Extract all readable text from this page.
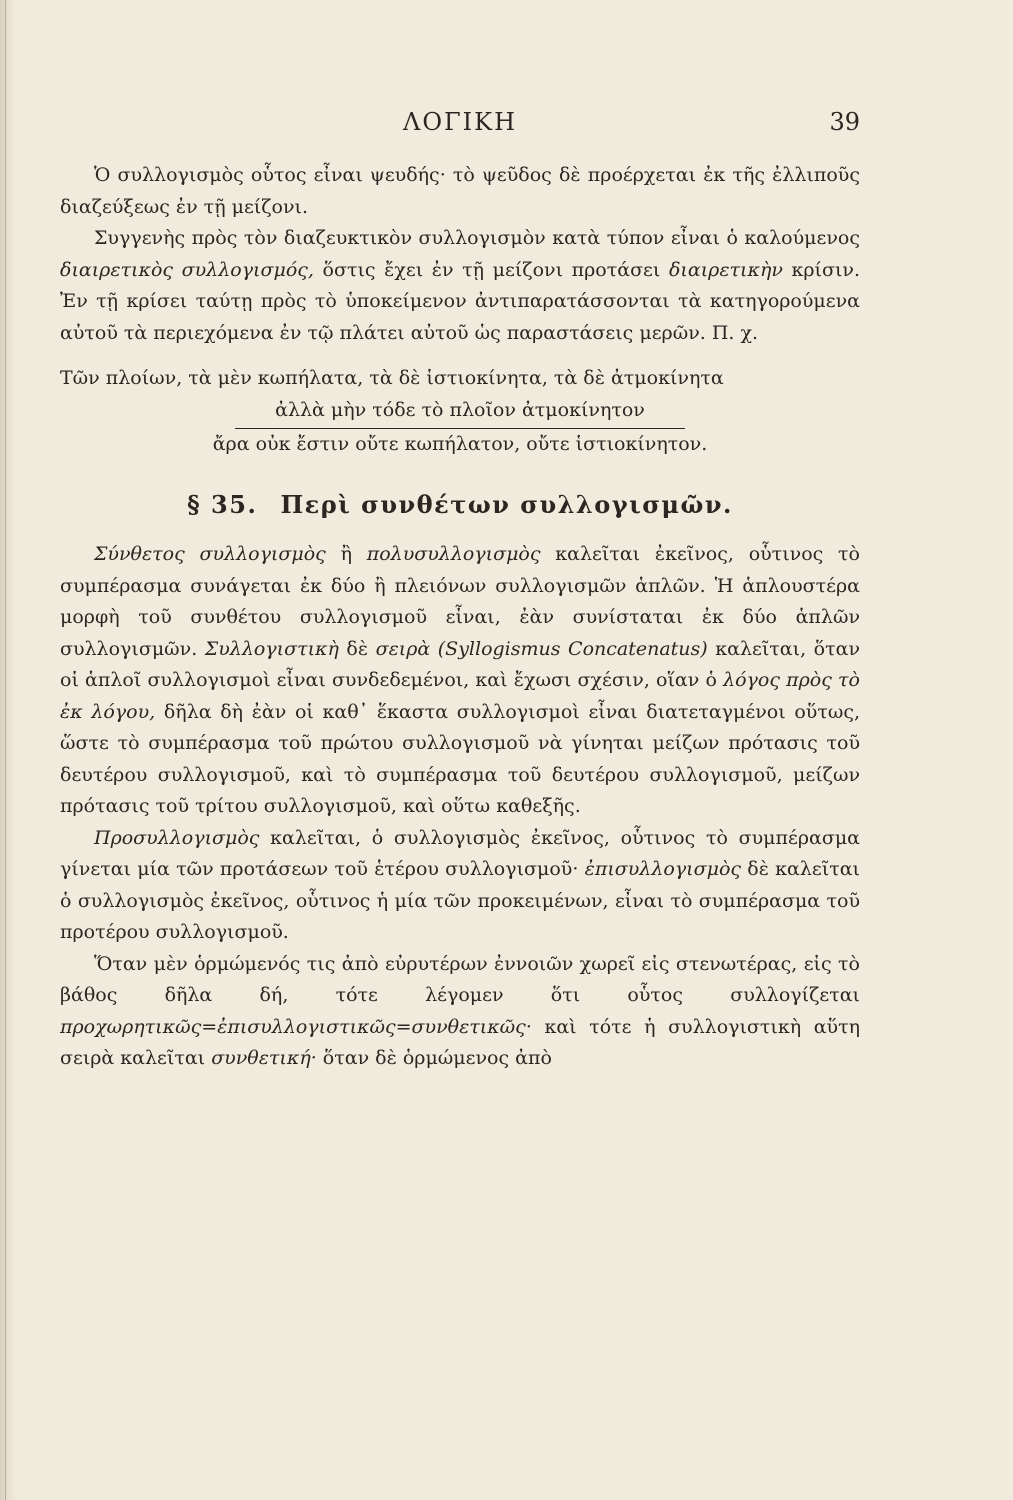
ΛΟΓΙΚΗ	39

Ὁ συλλογισμὸς οὗτος εἶναι ψευδής· τὸ ψεῦδος δὲ προέρχεται ἐκ τῆς ἐλλιποῦς διαζεύξεως ἐν τῇ μείζονι.

Συγγενὴς πρὸς τὸν διαζευκτικὸν συλλογισμὸν κατὰ τύπον εἶναι ὁ καλούμενος διαιρετικὸς συλλογισμός, ὅστις ἔχει ἐν τῇ μείζονι προτάσει διαιρετικὴν κρίσιν. Ἐν τῇ κρίσει ταύτῃ πρὸς τὸ ὑποκείμενον ἀντιπαρατάσσονται τὰ κατηγορούμενα αὐτοῦ τὰ περιεχόμενα ἐν τῷ πλάτει αὐτοῦ ὡς παραστάσεις μερῶν. Π. χ.

Τῶν πλοίων, τὰ μὲν κωπήλατα, τὰ δὲ ἱστιοκίνητα, τὰ δὲ ἀτμοκίνητα
ἀλλὰ μὴν τόδε τὸ πλοῖον ἀτμοκίνητον
ἄρα οὐκ ἔστιν οὔτε κωπήλατον, οὔτε ἱστιοκίνητον.
§ 35. Περὶ συνθέτων συλλογισμῶν.

Σύνθετος συλλογισμὸς ἢ πολυσυλλογισμὸς καλεῖται ἐκεῖνος, οὗτινος τὸ συμπέρασμα συνάγεται ἐκ δύο ἢ πλειόνων συλλογισμῶν ἁπλῶν. Ἡ ἁπλουστέρα μορφὴ τοῦ συνθέτου συλλογισμοῦ εἶναι, ἐὰν συνίσταται ἐκ δύο ἁπλῶν συλλογισμῶν. Συλλογιστικὴ δὲ σειρὰ (Syllogismus Concatenatus) καλεῖται, ὅταν οἱ ἁπλοῖ συλλογισμοὶ εἶναι συνδεδεμένοι, καὶ ἔχωσι σχέσιν, οἵαν ὁ λόγος πρὸς τὸ ἐκ λόγου, δῆλα δὴ ἐὰν οἱ καθ᾽ ἕκαστα συλλογισμοὶ εἶναι διατεταγμένοι οὕτως, ὥστε τὸ συμπέρασμα τοῦ πρώτου συλλογισμοῦ νὰ γίνηται μείζων πρότασις τοῦ δευτέρου συλλογισμοῦ, καὶ τὸ συμπέρασμα τοῦ δευτέρου συλλογισμοῦ, μείζων πρότασις τοῦ τρίτου συλλογισμοῦ, καὶ οὕτω καθεξῆς.

Προσυλλογισμὸς καλεῖται, ὁ συλλογισμὸς ἐκεῖνος, οὗτινος τὸ συμπέρασμα γίνεται μία τῶν προτάσεων τοῦ ἑτέρου συλλογισμοῦ· ἐπισυλλογισμὸς δὲ καλεῖται ὁ συλλογισμὸς ἐκεῖνος, οὗτινος ἡ μία τῶν προκειμένων, εἶναι τὸ συμπέρασμα τοῦ προτέρου συλλογισμοῦ.

Ὅταν μὲν ὁρμώμενός τις ἀπὸ εὐρυτέρων ἐννοιῶν χωρεῖ εἰς στενωτέρας, εἰς τὸ βάθος δῆλα δή, τότε λέγομεν ὅτι οὗτος συλλογίζεται προχωρητικῶς=ἐπισυλλογιστικῶς=συνθετικῶς· καὶ τότε ἡ συλλογιστικὴ αὕτη σειρὰ καλεῖται συνθετική· ὅταν δὲ ὁρμώμενος ἀπὸ
